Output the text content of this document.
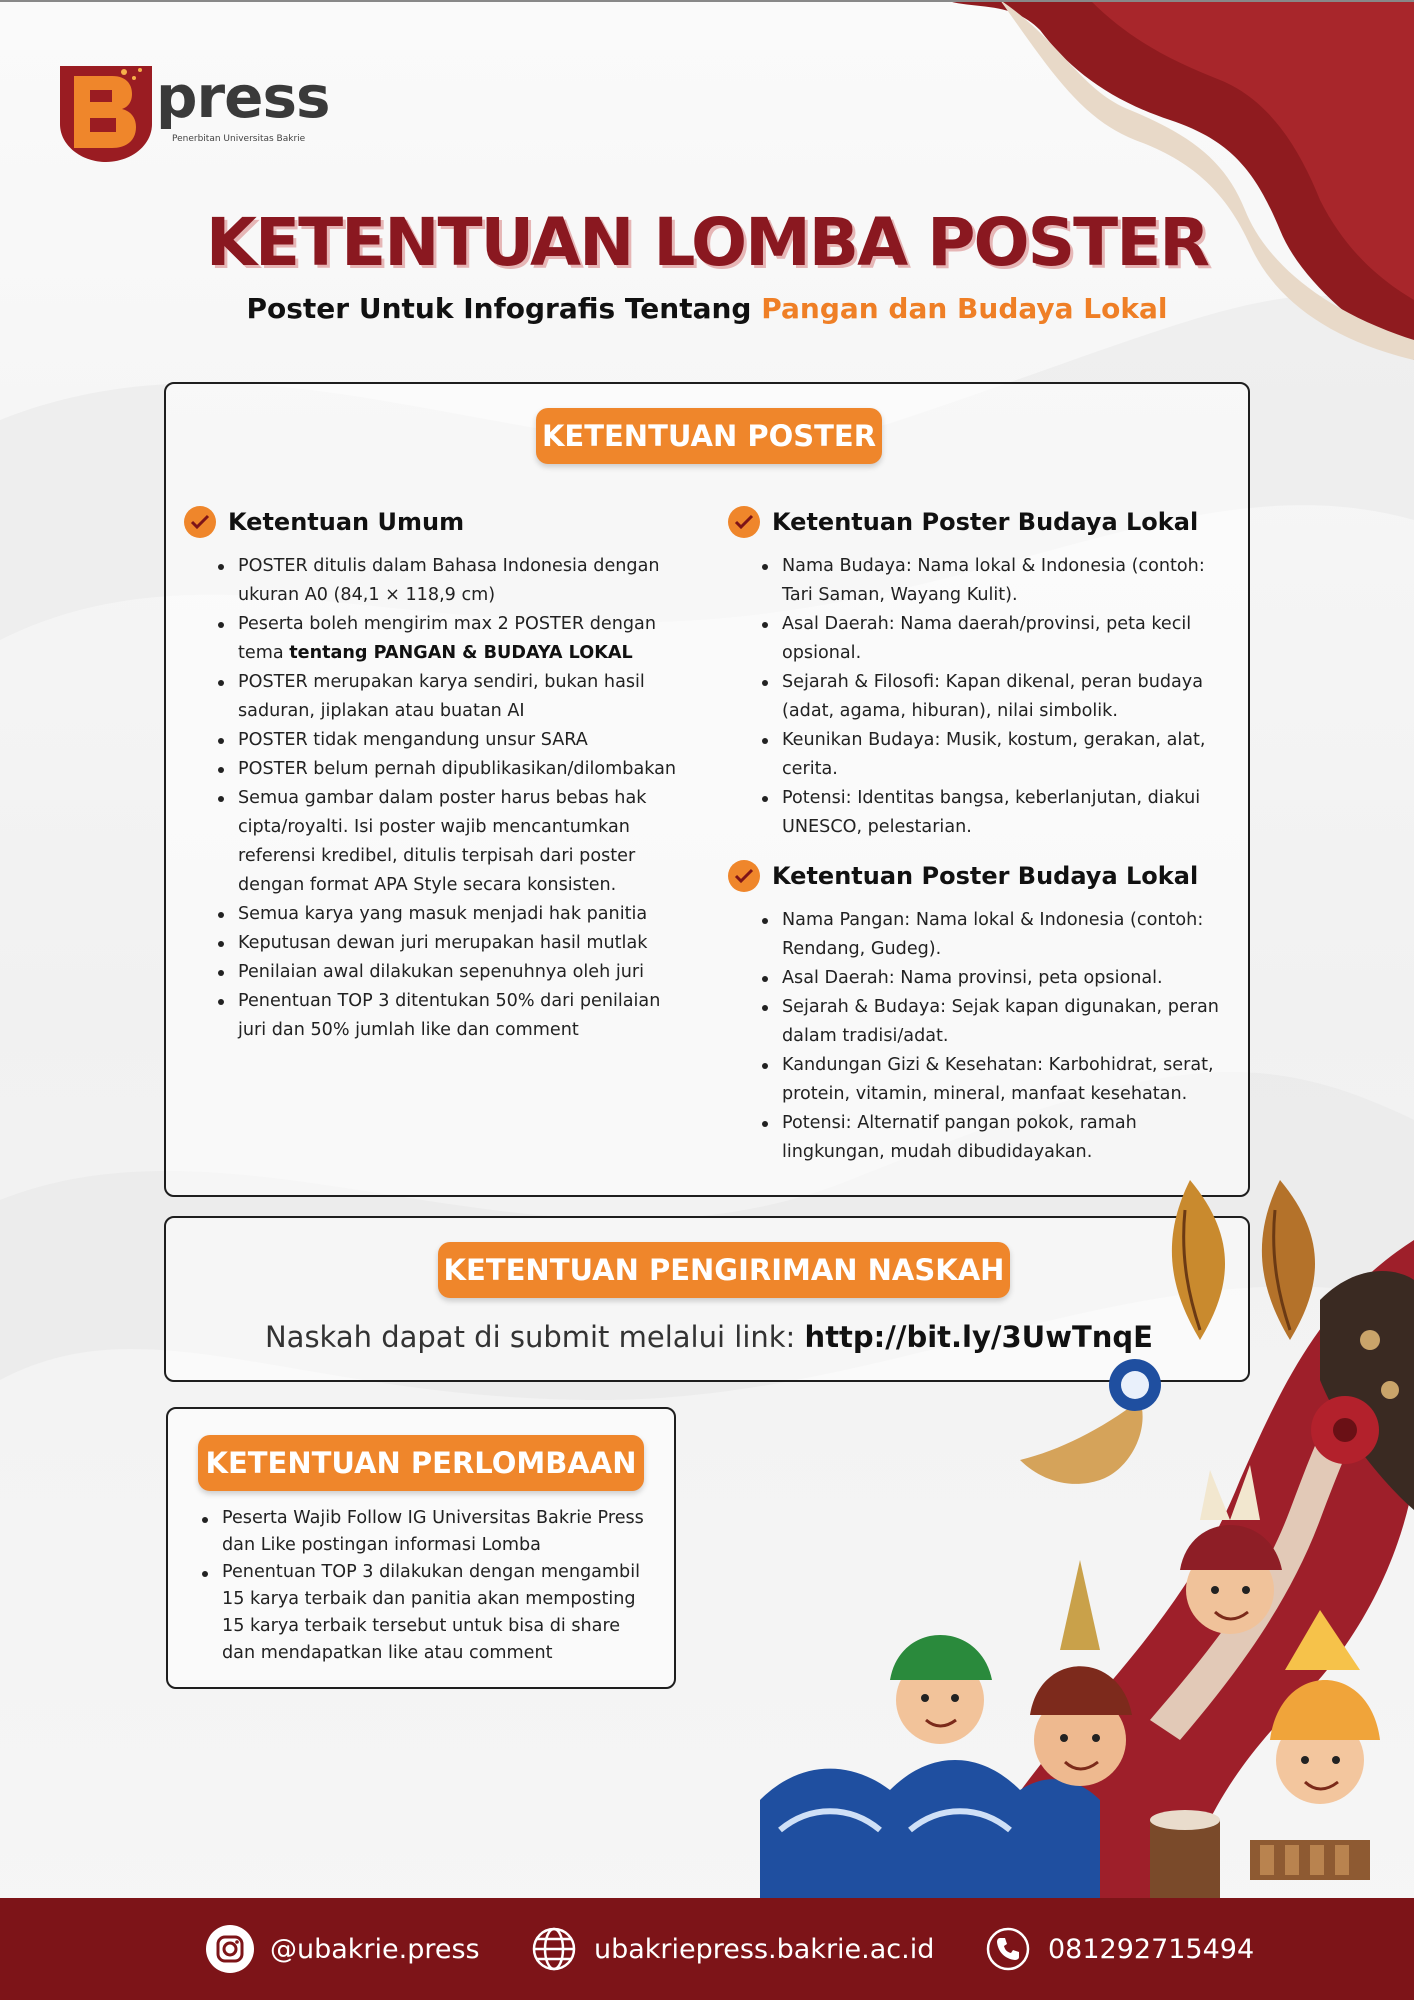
press
Penerbitan Universitas Bakrie
KETENTUAN LOMBA POSTER
Poster Untuk Infografis Tentang Pangan dan Budaya Lokal
KETENTUAN POSTER
Ketentuan Umum
POSTER ditulis dalam Bahasa Indonesia dengan ukuran A0 (84,1 × 118,9 cm)
Peserta boleh mengirim max 2 POSTER dengan tema tentang PANGAN & BUDAYA LOKAL
POSTER merupakan karya sendiri, bukan hasil saduran, jiplakan atau buatan AI
POSTER tidak mengandung unsur SARA
POSTER belum pernah dipublikasikan/dilombakan
Semua gambar dalam poster harus bebas hak cipta/royalti. Isi poster wajib mencantumkan referensi kredibel, ditulis terpisah dari poster dengan format APA Style secara konsisten.
Semua karya yang masuk menjadi hak panitia
Keputusan dewan juri merupakan hasil mutlak
Penilaian awal dilakukan sepenuhnya oleh juri
Penentuan TOP 3 ditentukan 50% dari penilaian juri dan 50% jumlah like dan comment
Ketentuan Poster Budaya Lokal
Nama Budaya: Nama lokal & Indonesia (contoh: Tari Saman, Wayang Kulit).
Asal Daerah: Nama daerah/provinsi, peta kecil opsional.
Sejarah & Filosofi: Kapan dikenal, peran budaya (adat, agama, hiburan), nilai simbolik.
Keunikan Budaya: Musik, kostum, gerakan, alat, cerita.
Potensi: Identitas bangsa, keberlanjutan, diakui UNESCO, pelestarian.
Ketentuan Poster Budaya Lokal
Nama Pangan: Nama lokal & Indonesia (contoh: Rendang, Gudeg).
Asal Daerah: Nama provinsi, peta opsional.
Sejarah & Budaya: Sejak kapan digunakan, peran dalam tradisi/adat.
Kandungan Gizi & Kesehatan: Karbohidrat, serat, protein, vitamin, mineral, manfaat kesehatan.
Potensi: Alternatif pangan pokok, ramah lingkungan, mudah dibudidayakan.
KETENTUAN PENGIRIMAN NASKAH
Naskah dapat di submit melalui link: http://bit.ly/3UwTnqE
KETENTUAN PERLOMBAAN
Peserta Wajib Follow IG Universitas Bakrie Press dan Like postingan informasi Lomba
Penentuan TOP 3 dilakukan dengan mengambil 15 karya terbaik dan panitia akan memposting 15 karya terbaik tersebut untuk bisa di share dan mendapatkan like atau comment
@ubakrie.press	ubakriepress.bakrie.ac.id	081292715494
